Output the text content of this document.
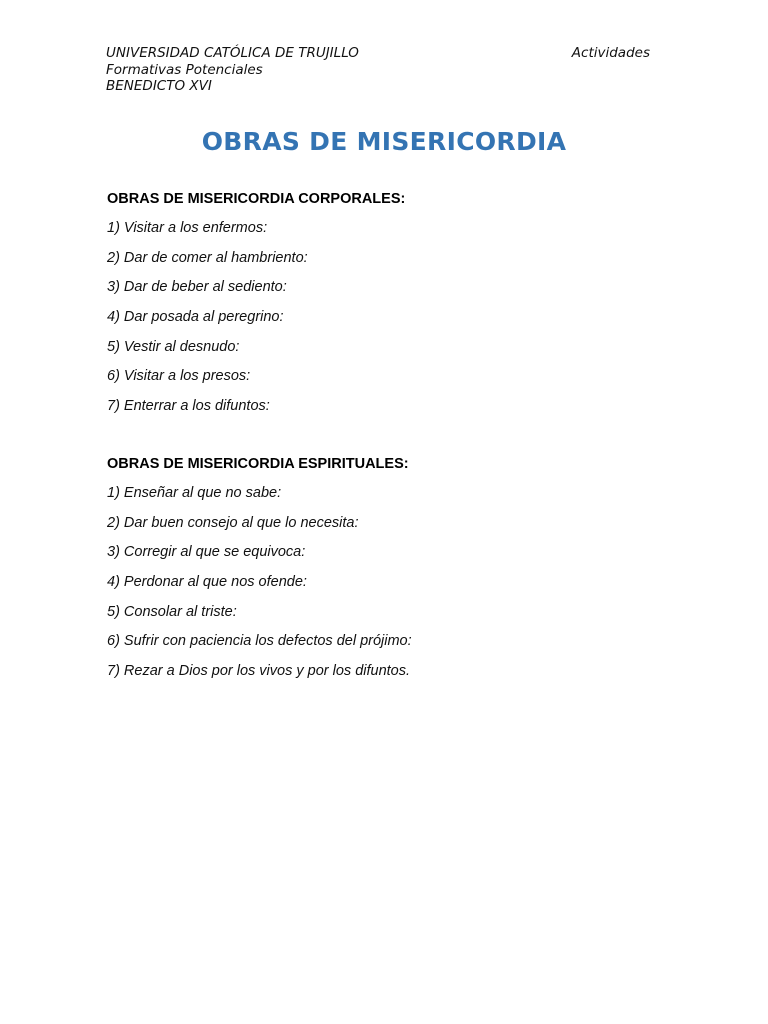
UNIVERSIDAD CATÓLICA DE TRUJILLO
Formativas Potenciales
BENEDICTO XVI
Actividades
OBRAS DE MISERICORDIA
OBRAS DE MISERICORDIA CORPORALES:
1) Visitar a los enfermos:
2) Dar de comer al hambriento:
3) Dar de beber al sediento:
4) Dar posada al peregrino:
5) Vestir al desnudo:
6) Visitar a los presos:
7) Enterrar a los difuntos:
OBRAS DE MISERICORDIA ESPIRITUALES:
1) Enseñar al que no sabe:
2) Dar buen consejo al que lo necesita:
3) Corregir al que se equivoca:
4) Perdonar al que nos ofende:
5) Consolar al triste:
6) Sufrir con paciencia los defectos del prójimo:
7) Rezar a Dios por los vivos y por los difuntos.
